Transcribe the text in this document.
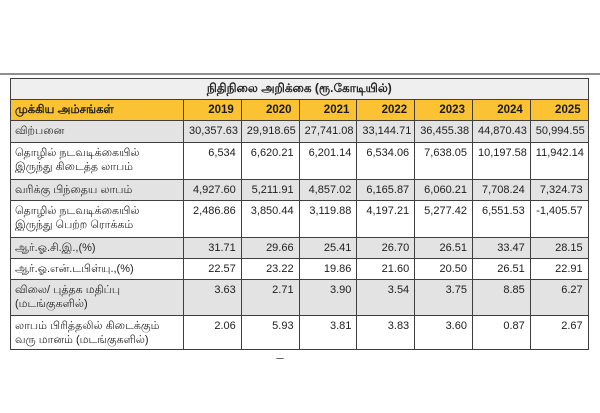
நிதிநிலை அறிக்கை (ரூ.கோடியில்)							
முக்கிய அம்சங்கள்	2019	2020	2021	2022	2023	2024	2025
விற்பனை	30,357.63	29,918.65	27,741.08	33,144.71	36,455.38	44,870.43	50,994.55
தொழில் நடவடிக்கையில் இருந்து கிடைத்த லாபம்	6,534	6,620.21	6,201.14	6,534.06	7,638.05	10,197.58	11,942.14
வரிக்கு பிந்தைய லாபம்	4,927.60	5,211.91	4,857.02	6,165.87	6,060.21	7,708.24	7,324.73
தொழில் நடவடிக்கையில் இருந்து பெற்ற ரொக்கம்	2,486.86	3,850.44	3,119.88	4,197.21	5,277.42	6,551.53	-1,405.57
ஆர்.ஓ.சி.இ.,(%)	31.71	29.66	25.41	26.70	26.51	33.47	28.15
ஆர்.ஓ.என்.டபிள்யு.,(%)	22.57	23.22	19.86	21.60	20.50	26.51	22.91
விலை/ புத்தக மதிப்பு (மடங்குகளில்)	3.63	2.71	3.90	3.54	3.75	8.85	6.27
லாபம் பிரித்தலில் கிடைக்கும் வரு மானம் (மடங்குகளில்)	2.06	5.93	3.81	3.83	3.60	0.87	2.67
–
